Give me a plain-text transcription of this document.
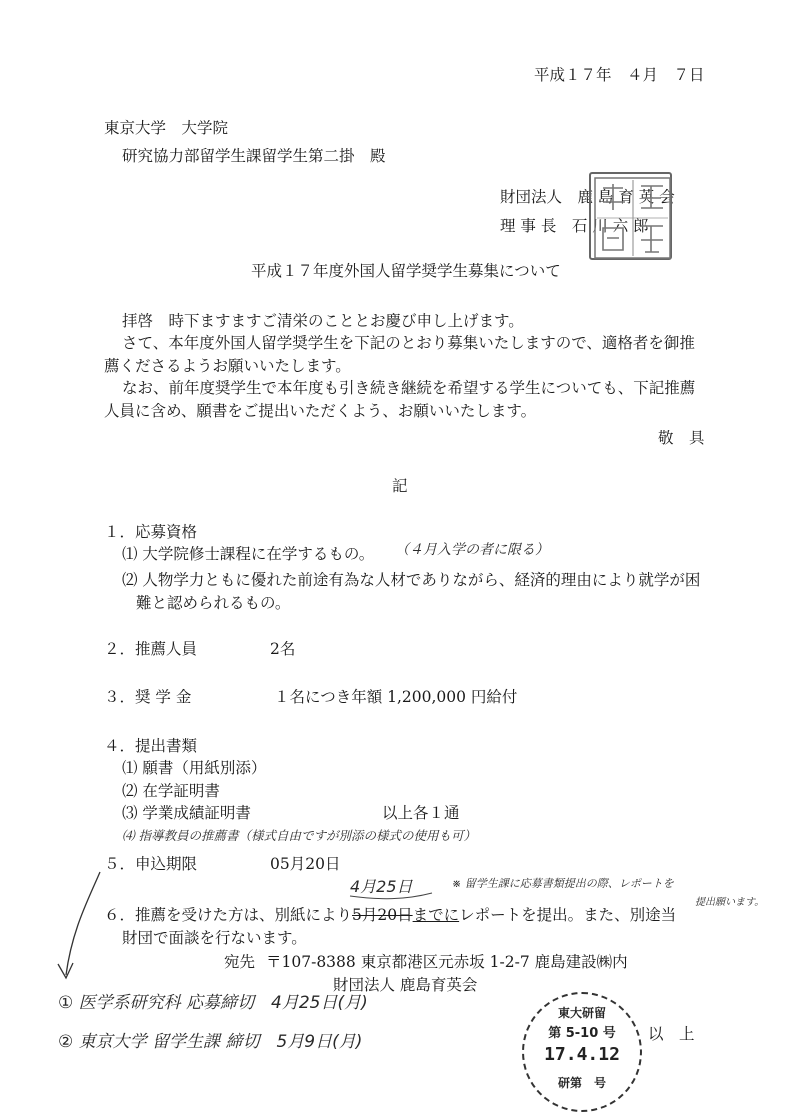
平成１７年　４月　７日
東京大学　大学院
研究協力部留学生課留学生第二掛　殿
財団法人　鹿 島 育 英 会
理 事 長　石 川 六 郎
平成１７年度外国人留学奨学生募集について
拝啓　時下ますますご清栄のこととお慶び申し上げます。
さて、本年度外国人留学奨学生を下記のとおり募集いたしますので、適格者を御推
薦くださるようお願いいたします。
なお、前年度奨学生で本年度も引き続き継続を希望する学生についても、下記推薦
人員に含め、願書をご提出いただくよう、お願いいたします。
敬　具
記
１．応募資格
⑴ 大学院修士課程に在学するもの。 （４月入学の者に限る）
⑵ 人物学力ともに優れた前途有為な人材でありながら、経済的理由により就学が困
難と認められるもの。
２．推薦人員	2名
３．奨 学 金	１名につき年額 1,200,000 円給付
４．提出書類
⑴ 願書（用紙別添）
⑵ 在学証明書
⑶ 学業成績証明書	以上各１通
⑷ 指導教員の推薦書（様式自由ですが別添の様式の使用も可）
５．申込期限	05月20日
4月25日	※ 留学生課に応募書類提出の際、レポートを
提出願います。
６．推薦を受けた方は、別紙により5月20日までにレポートを提出。また、別途当
財団で面談を行ないます。
宛先 〒107-8388 東京都港区元赤坂 1-2-7 鹿島建設㈱内
財団法人 鹿島育英会
① 医学系研究科 応募締切　4月25日(月)
② 東京大学 留学生課 締切　5月9日(月)
東大研留
第 5-10 号
17.4.12
研第　号
以　上
